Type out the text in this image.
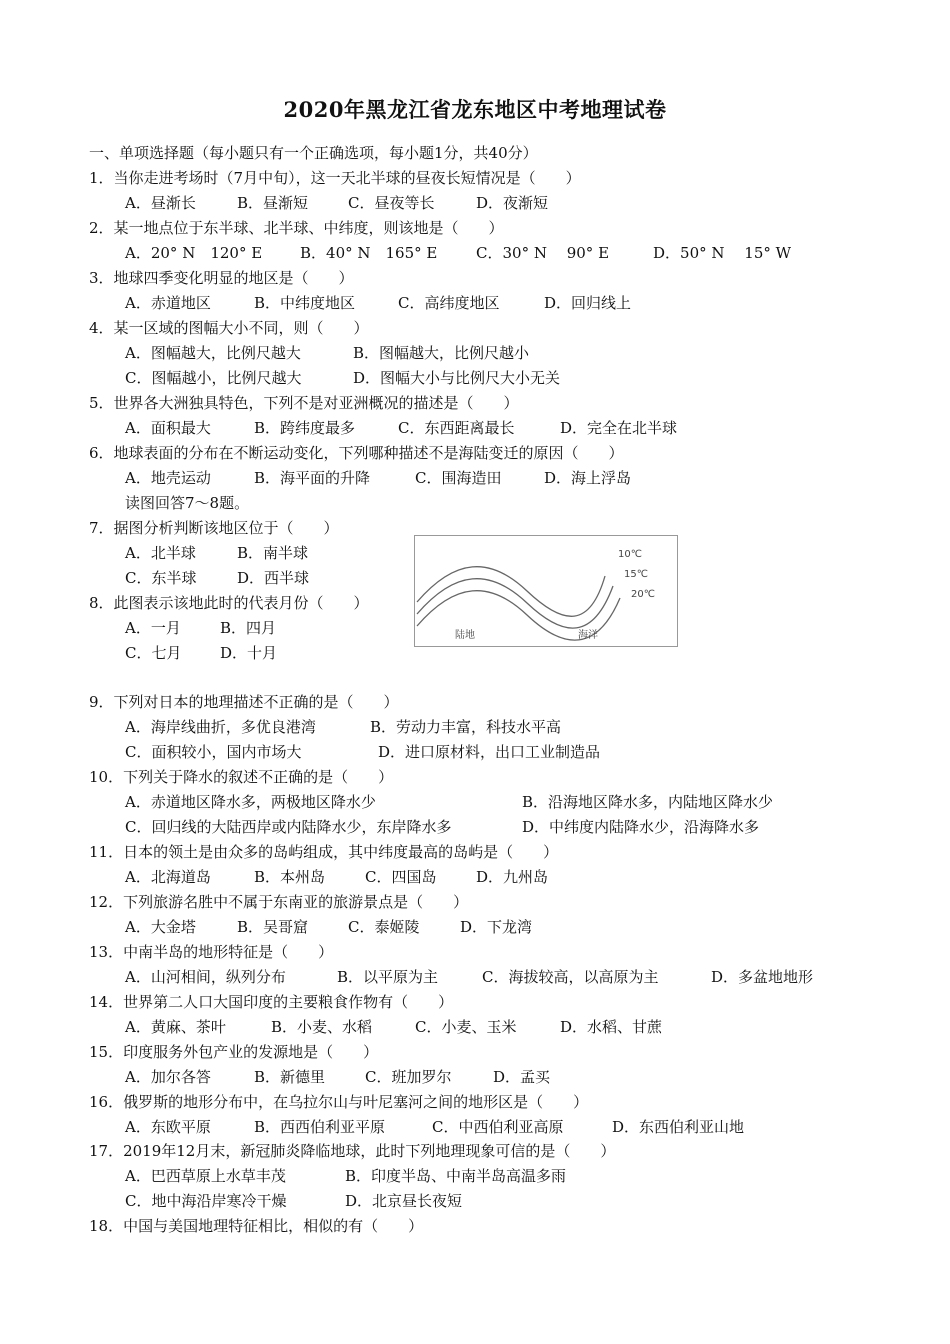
2020年黑龙江省龙东地区中考地理试卷
一、单项选择题（每小题只有一个正确选项，每小题1分，共40分）
1．当你走进考场时（7月中旬），这一天北半球的昼夜长短情况是（　　）
A．昼渐长	B．昼渐短	C．昼夜等长	D．夜渐短
2．某一地点位于东半球、北半球、中纬度，则该地是（　　）
A．20° N　120° E	B．40° N　165° E	C．30° N　 90° E	D．50° N　 15° W
3．地球四季变化明显的地区是（　　）
A．赤道地区	B．中纬度地区	C．高纬度地区	D．回归线上
4．某一区域的图幅大小不同，则（　　）
A．图幅越大，比例尺越大	B．图幅越大，比例尺越小
C．图幅越小，比例尺越大	D．图幅大小与比例尺大小无关
5．世界各大洲独具特色，下列不是对亚洲概况的描述是（　　）
A．面积最大	B．跨纬度最多	C．东西距离最长	D．完全在北半球
6．地球表面的分布在不断运动变化，下列哪种描述不是海陆变迁的原因（　　）
A．地壳运动	B．海平面的升降	C．围海造田	D．海上浮岛
读图回答7～8题。
7．据图分析判断该地区位于（　　）
A．北半球	B．南半球
C．东半球	D．西半球
8．此图表示该地此时的代表月份（　　）
A．一月	B．四月
C．七月	D．十月
10℃
15℃
20℃
陆地	海洋
9．下列对日本的地理描述不正确的是（　　）
A．海岸线曲折，多优良港湾	B．劳动力丰富，科技水平高
C．面积较小，国内市场大	D．进口原材料，出口工业制造品
10．下列关于降水的叙述不正确的是（　　）
A．赤道地区降水多，两极地区降水少	B．沿海地区降水多，内陆地区降水少
C．回归线的大陆西岸或内陆降水少，东岸降水多	D．中纬度内陆降水少，沿海降水多
11．日本的领土是由众多的岛屿组成，其中纬度最高的岛屿是（　　）
A．北海道岛	B．本州岛	C．四国岛	D．九州岛
12．下列旅游名胜中不属于东南亚的旅游景点是（　　）
A．大金塔	B．吴哥窟	C．泰姬陵	D．下龙湾
13．中南半岛的地形特征是（　　）
A．山河相间，纵列分布	B．以平原为主	C．海拔较高，以高原为主	D．多盆地地形
14．世界第二人口大国印度的主要粮食作物有（　　）
A．黄麻、茶叶	B．小麦、水稻	C．小麦、玉米	D．水稻、甘蔗
15．印度服务外包产业的发源地是（　　）
A．加尔各答	B．新德里	C．班加罗尔	D．孟买
16．俄罗斯的地形分布中，在乌拉尔山与叶尼塞河之间的地形区是（　　）
A．东欧平原	B．西西伯利亚平原	C．中西伯利亚高原	D．东西伯利亚山地
17．2019年12月末，新冠肺炎降临地球，此时下列地理现象可信的是（　　）
A．巴西草原上水草丰茂	B．印度半岛、中南半岛高温多雨
C．地中海沿岸寒冷干燥	D．北京昼长夜短
18．中国与美国地理特征相比，相似的有（　　）
